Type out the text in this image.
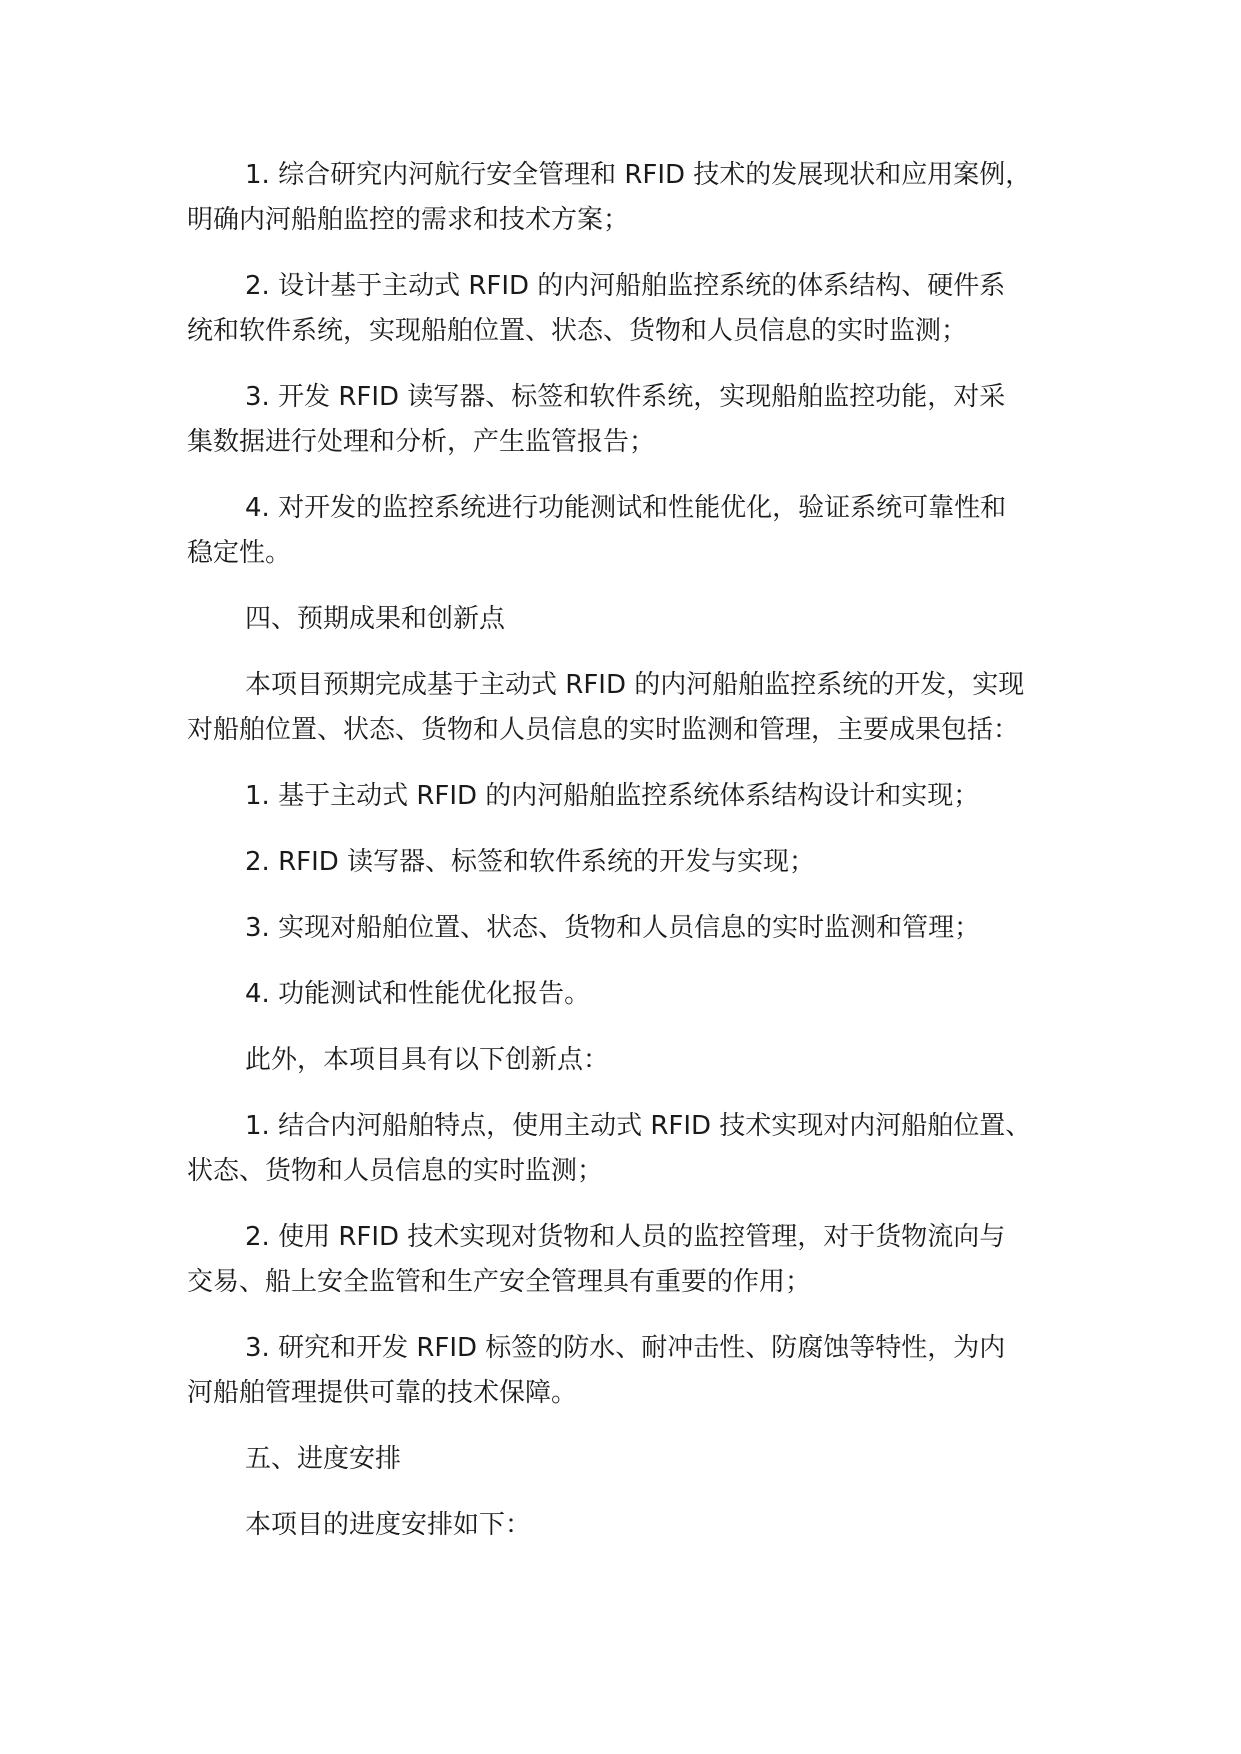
1. 综合研究内河航行安全管理和 RFID 技术的发展现状和应用案例，
明确内河船舶监控的需求和技术方案；

2. 设计基于主动式 RFID 的内河船舶监控系统的体系结构、硬件系
统和软件系统，实现船舶位置、状态、货物和人员信息的实时监测；

3. 开发 RFID 读写器、标签和软件系统，实现船舶监控功能，对采
集数据进行处理和分析，产生监管报告；

4. 对开发的监控系统进行功能测试和性能优化，验证系统可靠性和
稳定性。

四、预期成果和创新点

本项目预期完成基于主动式 RFID 的内河船舶监控系统的开发，实现
对船舶位置、状态、货物和人员信息的实时监测和管理，主要成果包括：

1. 基于主动式 RFID 的内河船舶监控系统体系结构设计和实现；

2. RFID 读写器、标签和软件系统的开发与实现；

3. 实现对船舶位置、状态、货物和人员信息的实时监测和管理；

4. 功能测试和性能优化报告。

此外，本项目具有以下创新点：

1. 结合内河船舶特点，使用主动式 RFID 技术实现对内河船舶位置、
状态、货物和人员信息的实时监测；

2. 使用 RFID 技术实现对货物和人员的监控管理，对于货物流向与
交易、船上安全监管和生产安全管理具有重要的作用；

3. 研究和开发 RFID 标签的防水、耐冲击性、防腐蚀等特性，为内
河船舶管理提供可靠的技术保障。

五、进度安排

本项目的进度安排如下：
